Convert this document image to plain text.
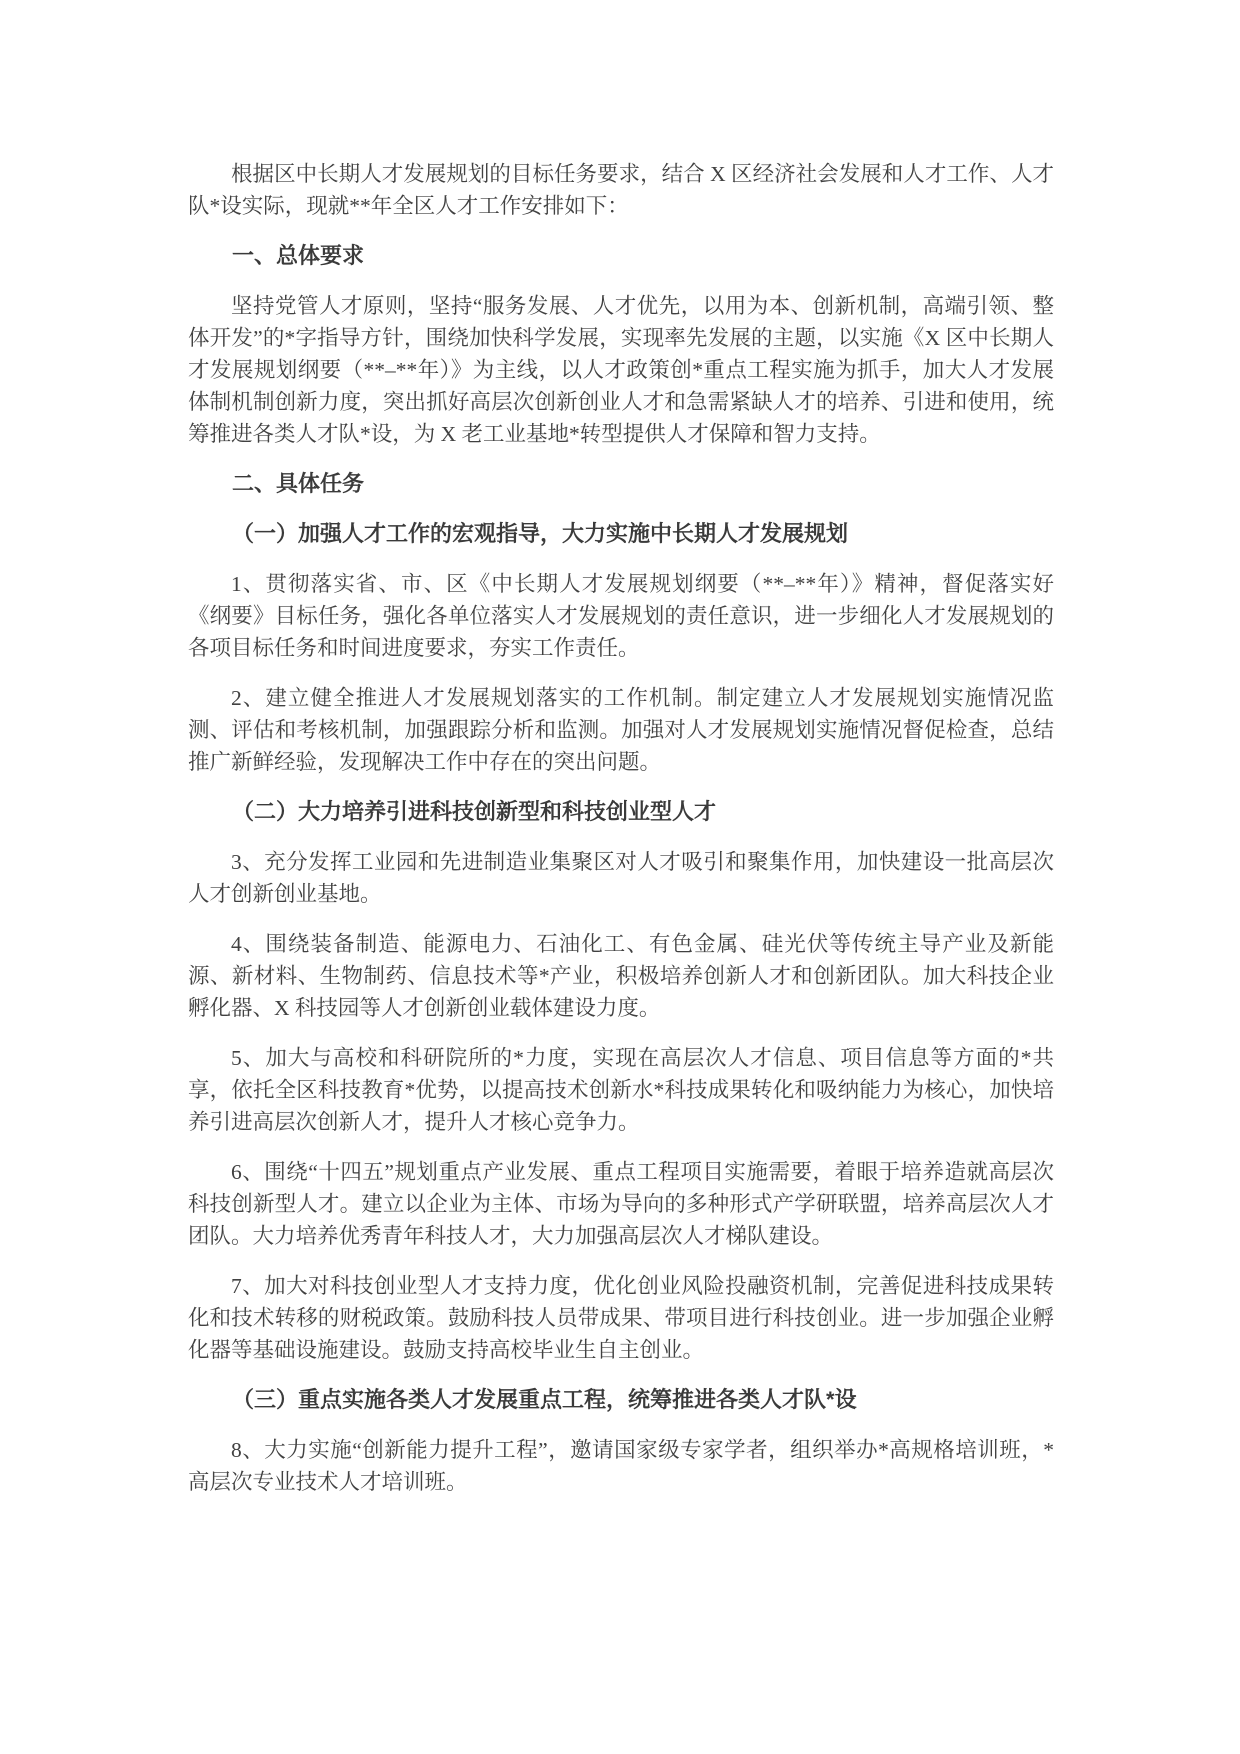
根据区中长期人才发展规划的目标任务要求，结合 X 区经济社会发展和人才工作、人才队*设实际，现就**年全区人才工作安排如下：

一、总体要求

坚持党管人才原则，坚持“服务发展、人才优先，以用为本、创新机制，高端引领、整体开发”的*字指导方针，围绕加快科学发展，实现率先发展的主题，以实施《X 区中长期人才发展规划纲要（**–**年）》为主线，以人才政策创*重点工程实施为抓手，加大人才发展体制机制创新力度，突出抓好高层次创新创业人才和急需紧缺人才的培养、引进和使用，统筹推进各类人才队*设，为 X 老工业基地*转型提供人才保障和智力支持。

二、具体任务
（一）加强人才工作的宏观指导，大力实施中长期人才发展规划

1、贯彻落实省、市、区《中长期人才发展规划纲要（**–**年）》精神，督促落实好《纲要》目标任务，强化各单位落实人才发展规划的责任意识，进一步细化人才发展规划的各项目标任务和时间进度要求，夯实工作责任。

2、建立健全推进人才发展规划落实的工作机制。制定建立人才发展规划实施情况监测、评估和考核机制，加强跟踪分析和监测。加强对人才发展规划实施情况督促检查，总结推广新鲜经验，发现解决工作中存在的突出问题。

（二）大力培养引进科技创新型和科技创业型人才

3、充分发挥工业园和先进制造业集聚区对人才吸引和聚集作用，加快建设一批高层次人才创新创业基地。

4、围绕装备制造、能源电力、石油化工、有色金属、硅光伏等传统主导产业及新能源、新材料、生物制药、信息技术等*产业，积极培养创新人才和创新团队。加大科技企业孵化器、X 科技园等人才创新创业载体建设力度。

5、加大与高校和科研院所的*力度，实现在高层次人才信息、项目信息等方面的*共享，依托全区科技教育*优势，以提高技术创新水*科技成果转化和吸纳能力为核心，加快培养引进高层次创新人才，提升人才核心竞争力。

6、围绕“十四五”规划重点产业发展、重点工程项目实施需要，着眼于培养造就高层次科技创新型人才。建立以企业为主体、市场为导向的多种形式产学研联盟，培养高层次人才团队。大力培养优秀青年科技人才，大力加强高层次人才梯队建设。

7、加大对科技创业型人才支持力度，优化创业风险投融资机制，完善促进科技成果转化和技术转移的财税政策。鼓励科技人员带成果、带项目进行科技创业。进一步加强企业孵化器等基础设施建设。鼓励支持高校毕业生自主创业。

（三）重点实施各类人才发展重点工程，统筹推进各类人才队*设

8、大力实施“创新能力提升工程”，邀请国家级专家学者，组织举办*高规格培训班，*高层次专业技术人才培训班。
